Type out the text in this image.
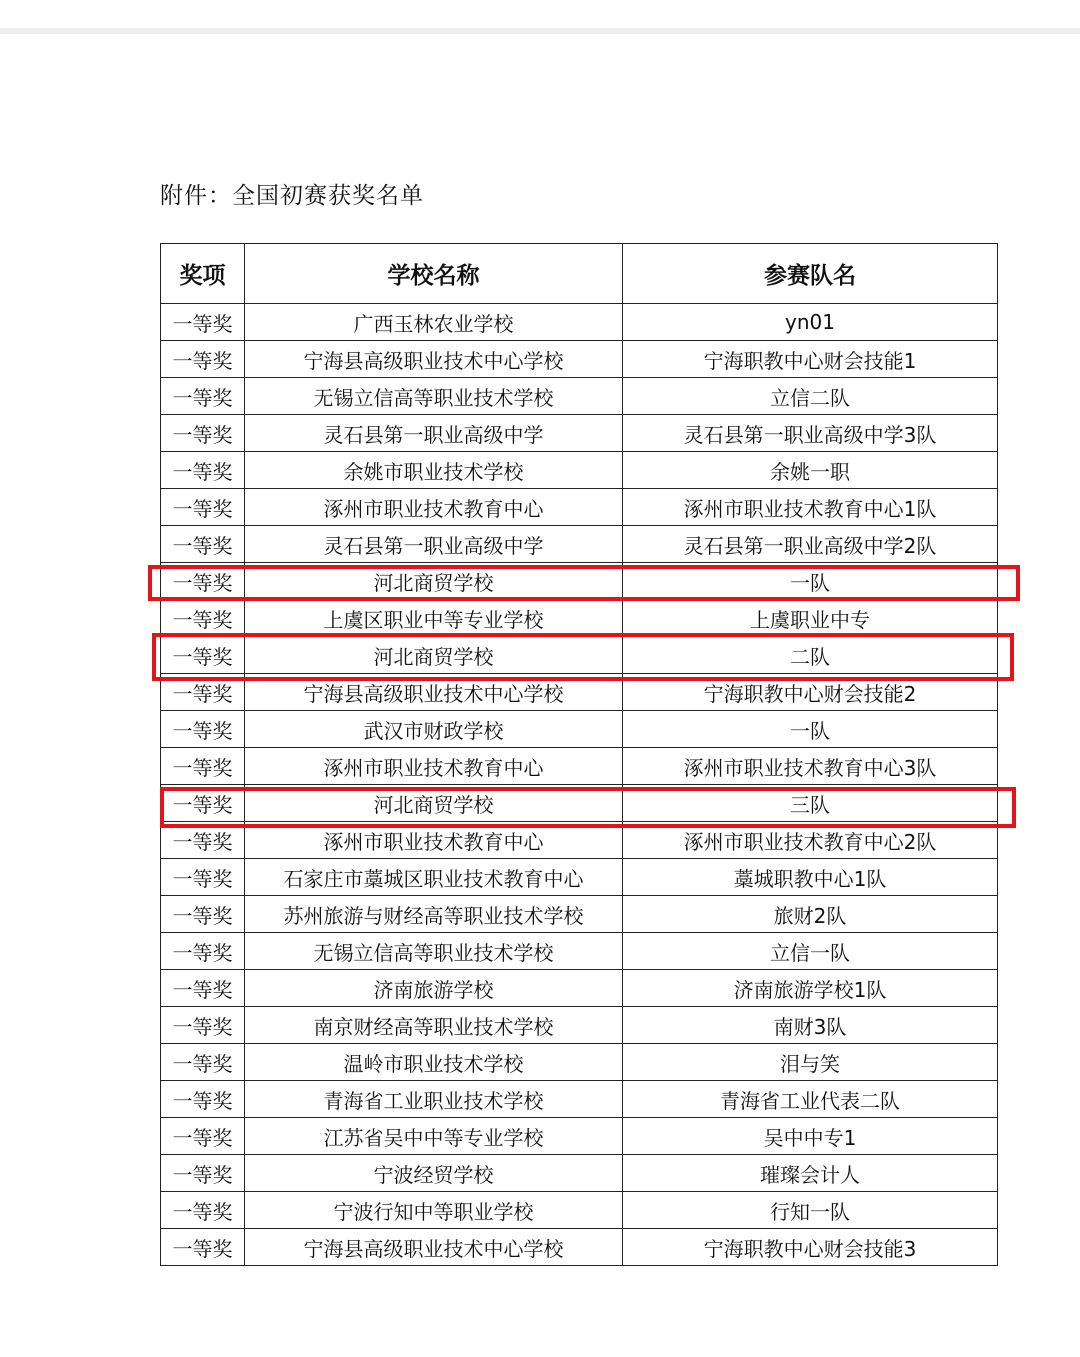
附件：全国初赛获奖名单
奖项	学校名称	参赛队名
一等奖	广西玉林农业学校	yn01
一等奖	宁海县高级职业技术中心学校	宁海职教中心财会技能1
一等奖	无锡立信高等职业技术学校	立信二队
一等奖	灵石县第一职业高级中学	灵石县第一职业高级中学3队
一等奖	余姚市职业技术学校	余姚一职
一等奖	涿州市职业技术教育中心	涿州市职业技术教育中心1队
一等奖	灵石县第一职业高级中学	灵石县第一职业高级中学2队
一等奖	河北商贸学校	一队
一等奖	上虞区职业中等专业学校	上虞职业中专
一等奖	河北商贸学校	二队
一等奖	宁海县高级职业技术中心学校	宁海职教中心财会技能2
一等奖	武汉市财政学校	一队
一等奖	涿州市职业技术教育中心	涿州市职业技术教育中心3队
一等奖	河北商贸学校	三队
一等奖	涿州市职业技术教育中心	涿州市职业技术教育中心2队
一等奖	石家庄市藁城区职业技术教育中心	藁城职教中心1队
一等奖	苏州旅游与财经高等职业技术学校	旅财2队
一等奖	无锡立信高等职业技术学校	立信一队
一等奖	济南旅游学校	济南旅游学校1队
一等奖	南京财经高等职业技术学校	南财3队
一等奖	温岭市职业技术学校	泪与笑
一等奖	青海省工业职业技术学校	青海省工业代表二队
一等奖	江苏省吴中中等专业学校	吴中中专1
一等奖	宁波经贸学校	璀璨会计人
一等奖	宁波行知中等职业学校	行知一队
一等奖	宁海县高级职业技术中心学校	宁海职教中心财会技能3
